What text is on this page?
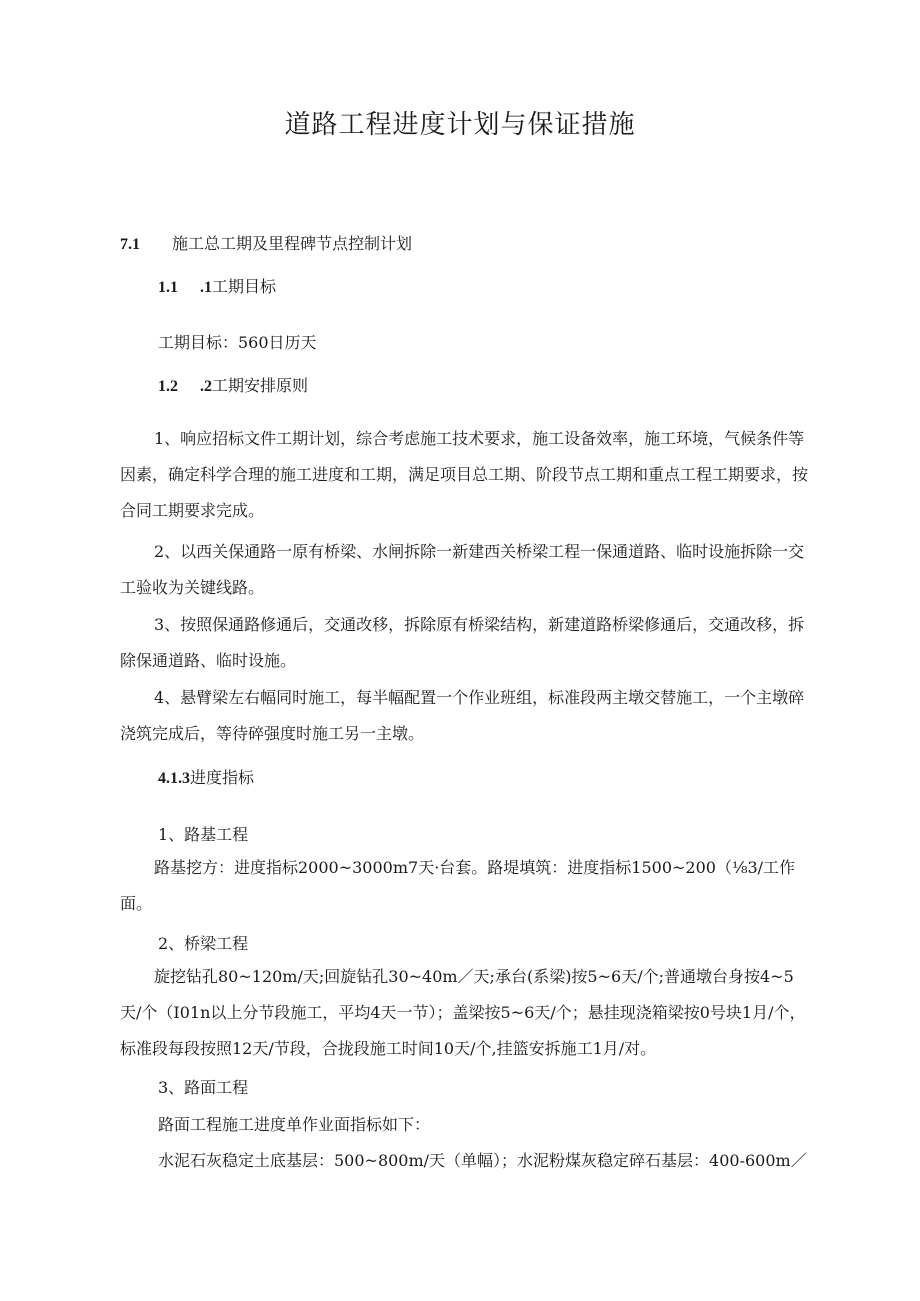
道路工程进度计划与保证措施
7.1 施工总工期及里程碑节点控制计划
1.1 .1工期目标
工期目标：560日历天
1.2 .2工期安排原则
1、响应招标文件工期计划，综合考虑施工技术要求，施工设备效率，施工环境，气候条件等因素，确定科学合理的施工进度和工期，满足项目总工期、阶段节点工期和重点工程工期要求，按合同工期要求完成。
2、以西关保通路一原有桥梁、水闸拆除一新建西关桥梁工程一保通道路、临时设施拆除一交工验收为关键线路。
3、按照保通路修通后，交通改移，拆除原有桥梁结构，新建道路桥梁修通后，交通改移，拆除保通道路、临时设施。
4、悬臂梁左右幅同时施工，每半幅配置一个作业班组，标准段两主墩交替施工，一个主墩碎浇筑完成后，等待碎强度时施工另一主墩。
4.1.3进度指标
1、路基工程
路基挖方：进度指标2000~3000m7天·台套。路堤填筑：进度指标1500~200（⅛3/工作面。
2、桥梁工程
旋挖钻孔80~120m/天;回旋钻孔30~40m／天;承台(系梁)按5~6天/个;普通墩台身按4~5天/个（I01n以上分节段施工，平均4天一节）；盖梁按5~6天/个；悬挂现浇箱梁按0号块1月/个，标准段每段按照12天/节段，合拢段施工时间10天/个,挂篮安拆施工1月/对。
3、路面工程
路面工程施工进度单作业面指标如下：
水泥石灰稳定土底基层：500~800m/天（单幅）；水泥粉煤灰稳定碎石基层：400-600m／
